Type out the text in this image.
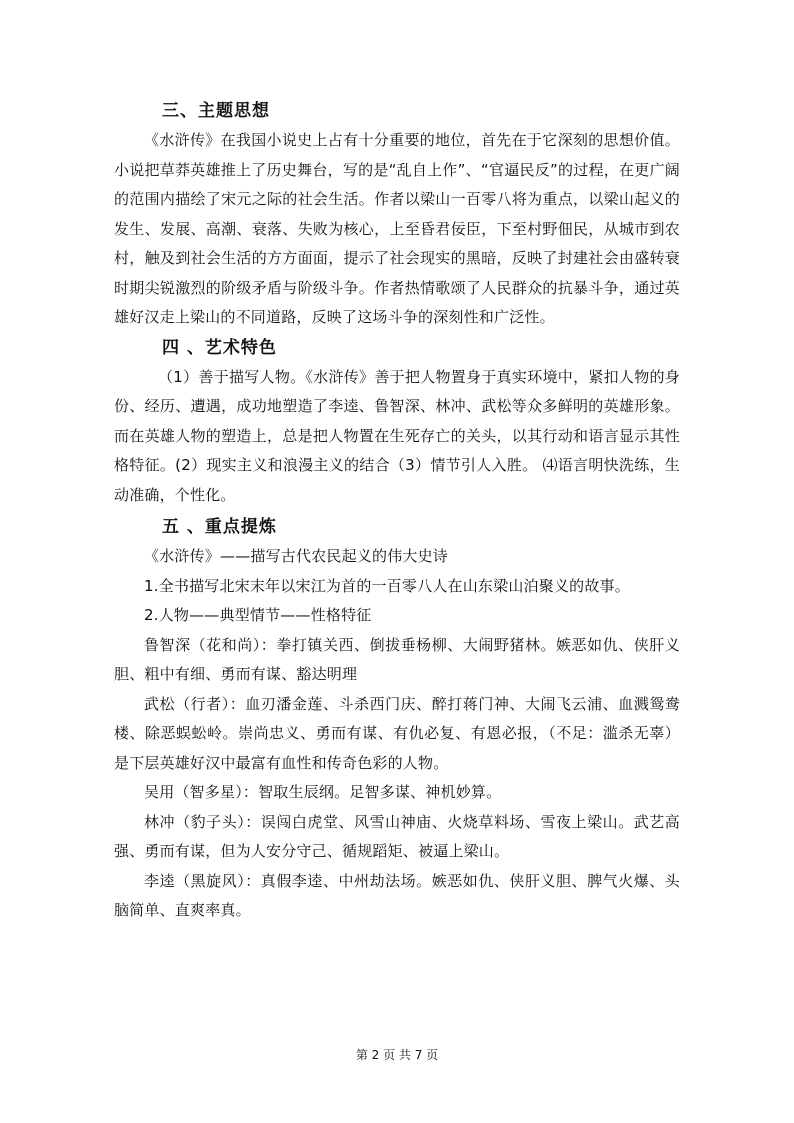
三、主题思想

《水浒传》在我国小说史上占有十分重要的地位，首先在于它深刻的思想价值。小说把草莽英雄推上了历史舞台，写的是“乱自上作”、“官逼民反”的过程，在更广阔的范围内描绘了宋元之际的社会生活。作者以梁山一百零八将为重点，以梁山起义的发生、发展、高潮、衰落、失败为核心，上至昏君佞臣，下至村野佃民，从城市到农村，触及到社会生活的方方面面，提示了社会现实的黑暗，反映了封建社会由盛转衰时期尖锐激烈的阶级矛盾与阶级斗争。作者热情歌颂了人民群众的抗暴斗争，通过英雄好汉走上梁山的不同道路，反映了这场斗争的深刻性和广泛性。

四 、艺术特色

（1）善于描写人物。《水浒传》善于把人物置身于真实环境中，紧扣人物的身份、经历、遭遇，成功地塑造了李逵、鲁智深、林冲、武松等众多鲜明的英雄形象。而在英雄人物的塑造上，总是把人物置在生死存亡的关头，以其行动和语言显示其性格特征。(2）现实主义和浪漫主义的结合（3）情节引人入胜。 ⑷语言明快洗练，生动准确，个性化。

五 、重点提炼

《水浒传》——描写古代农民起义的伟大史诗

1.全书描写北宋末年以宋江为首的一百零八人在山东梁山泊聚义的故事。

2.人物——典型情节——性格特征

鲁智深（花和尚）：拳打镇关西、倒拔垂杨柳、大闹野猪林。嫉恶如仇、侠肝义胆、粗中有细、勇而有谋、豁达明理

武松（行者）：血刃潘金莲、斗杀西门庆、醉打蒋门神、大闹飞云浦、血溅鸳鸯楼、除恶蜈蚣岭。崇尚忠义、勇而有谋、有仇必复、有恩必报，（不足：滥杀无辜）是下层英雄好汉中最富有血性和传奇色彩的人物。

吴用（智多星）：智取生辰纲。足智多谋、神机妙算。

林冲（豹子头）：误闯白虎堂、风雪山神庙、火烧草料场、雪夜上梁山。武艺高强、勇而有谋，但为人安分守己、循规蹈矩、被逼上梁山。

李逵（黑旋风）：真假李逵、中州劫法场。嫉恶如仇、侠肝义胆、脾气火爆、头脑简单、直爽率真。

第 2 页 共 7 页
